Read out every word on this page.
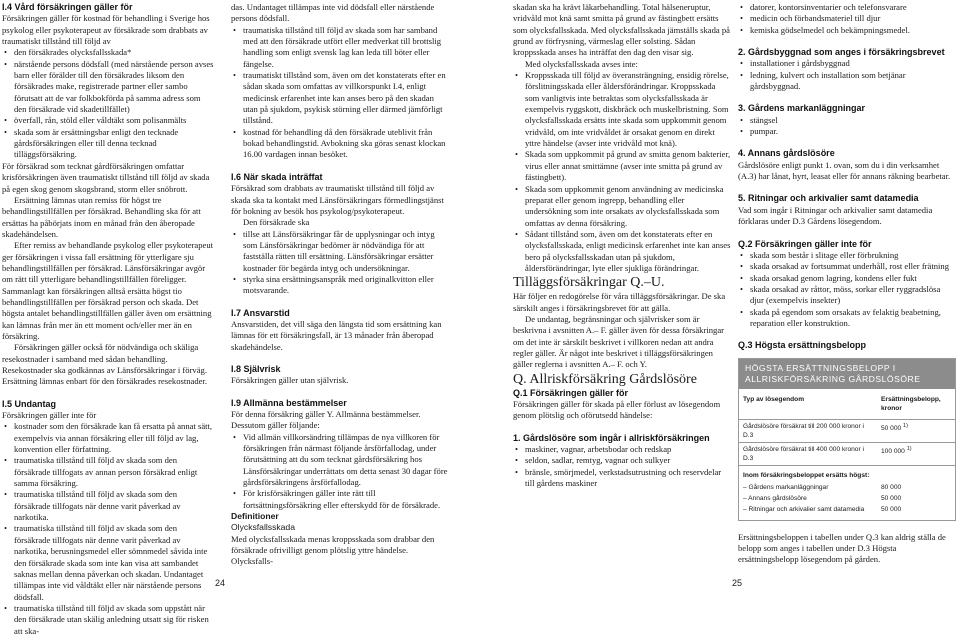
I.4 Vård försäkringen gäller för

Försäkringen gäller för kostnad för behandling i Sverige hos psykolog eller psykoterapeut av försäkrade som drabbats av traumatiskt tillstånd till följd av

• den försäkrades olycksfallsskada*

• närstående persons dödsfall (med närstående person avses barn eller förälder till den försäkrades liksom den försäkrades make, registrerade partner eller sambo förutsatt att de var folkbokförda på samma adress som den försäkrade vid skadetillfället)

• överfall, rån, stöld eller våldtäkt som polisanmälts

• skada som är ersättningsbar enligt den tecknade gårdsförsäkringen eller till denna tecknad tilläggsförsäkring.

För försäkrad som tecknat gårdförsäkringen omfattar krisförsäkringen även traumatiskt tillstånd till följd av skada på egen skog genom skogsbrand, storm eller snöbrott.

Ersättning lämnas utan remiss för högst tre behandlingstillfällen per försäkrad. Behandling ska för att ersättas ha påbörjats inom en månad från den åberopade skadehändelsen.

Efter remiss av behandlande psykolog eller psykoterapeut ger försäkringen i vissa fall ersättning för ytterligare sju behandlingstillfällen per försäkrad. Länsförsäkringar avgör om rätt till ytterligare behandlingstillfällen föreligger. Sammanlagt kan försäkringen alltså ersätta högst tio behandlingstillfällen per försäkrad person och skada. Det högsta antalet behandlingstillfällen gäller även om ersättning kan lämnas från mer än ett moment och/eller mer än en försäkring.

Försäkringen gäller också för nödvändiga och skäliga resekostnader i samband med sådan behandling. Resekostnader ska godkännas av Länsförsäkringar i förväg. Ersättning lämnas enbart för den försäkrades resekostnader.

I.5 Undantag

Försäkringen gäller inte för

• kostnader som den försäkrade kan få ersatta på annat sätt, exempelvis via annan försäkring eller till följd av lag, konvention eller författning.

• traumatiska tillstånd till följd av skada som den försäkrade tillfogats av annan person försäkrad enligt samma försäkring.

• traumatiska tillstånd till följd av skada som den försäkrade tillfogats när denne varit påverkad av narkotika.

• traumatiska tillstånd till följd av skada som den försäkrade tillfogats när denne varit påverkad av narkotika, berusningsmedel eller sömnmedel såvida inte den försäkrade skada som inte kan visa att sambandet saknas mellan denna påverkan och skadan. Undantaget tillämpas inte vid våldtäkt eller när närstående persons dödsfall.

• traumatiska tillstånd till följd av skada som uppstått när den försäkrade utan skälig anledning utsatt sig för risken att ska-

das. Undantaget tillämpas inte vid dödsfall eller närstående persons dödsfall.

• traumatiska tillstånd till följd av skada som har samband med att den försäkrade utfört eller medverkat till brottslig handling som enligt svensk lag kan leda till böter eller fängelse.

• traumatiskt tillstånd som, även om det konstaterats efter en sådan skada som omfattas av villkorspunkt I.4, enligt medicinsk erfarenhet inte kan anses bero på den skadan utan på sjukdom, psykisk störning eller därmed jämförligt tillstånd.

• kostnad för behandling då den försäkrade uteblivit från bokad behandlingstid. Avbokning ska göras senast klockan 16.00 vardagen innan besöket.

I.6 När skada inträffat

Försäkrad som drabbats av traumatiskt tillstånd till följd av skada ska ta kontakt med Länsförsäkringars förmedlingstjänst för bokning av besök hos psykolog/psykoterapeut.

Den försäkrade ska

• tillse att Länsförsäkringar får de upplysningar och intyg som Länsförsäkringar bedömer är nödvändiga för att fastställa rätten till ersättning. Länsförsäkringar ersätter kostnader för begärda intyg och undersökningar.

• styrka sina ersättningsanspråk med originalkvitton eller motsvarande.

I.7 Ansvarstid

Ansvarstiden, det vill säga den längsta tid som ersättning kan lämnas för ett försäkringsfall, är 13 månader från åberopad skadehändelse.

I.8 Självrisk

Försäkringen gäller utan självrisk.

I.9 Allmänna bestämmelser

För denna försäkring gäller Y. Allmänna bestämmelser.

Dessutom gäller följande:

• Vid allmän villkorsändring tillämpas de nya villkoren för försäkringen från närmast följande årsförfallodag, under förutsättning att du som tecknat gårdsförsäkring hos Länsförsäkringar underrättats om detta senast 30 dagar före gårdsförsäkringens årsförfallodag.

• För krisförsäkringen gäller inte rätt till fortsättningsförsäkring eller efterskydd för de försäkrade.

Definitioner

Olycksfallsskada

Med olycksfallsskada menas kroppsskada som drabbar den försäkrade ofrivilligt genom plötslig yttre händelse. Olycksfalls-

skadan ska ha krävt läkarbehandling. Total hälseneruptur, vridvåld mot knä samt smitta på grund av fästingbett ersätts som olycksfallsskada. Med olycksfallsskada jämställs skada på grund av förfrysning, värmeslag eller solsting. Sådan kroppsskada anses ha inträffat den dag den visar sig.

Med olycksfallsskada avses inte:

• Kroppsskada till följd av överansträngning, ensidig rörelse, förslitningsskada eller åldersförändringar. Kroppsskada som vanligtvis inte betraktas som olycksfallsskada är exempelvis ryggskott, diskbråck och muskelbristning. Som olycksfallsskada ersätts inte skada som uppkommit genom vridvåld, om inte vridvåldet är orsakat genom en direkt yttre händelse (avser inte vridvåld mot knä).

• Skada som uppkommit på grund av smitta genom bakterier, virus eller annat smittämne (avser inte smitta på grund av fästingbett).

• Skada som uppkommit genom användning av medicinska preparat eller genom ingrepp, behandling eller undersökning som inte orsakats av olycksfallsskada som omfattas av denna försäkring.

• Sådant tillstånd som, även om det konstaterats efter en olycksfallsskada, enligt medicinsk erfarenhet inte kan anses bero på olycksfallsskadan utan på sjukdom, åldersförändringar, lyte eller sjukliga förändringar.

Tilläggsförsäkringar Q.–U.

Här följer en redogörelse för våra tilläggsförsäkringar. De ska särskilt anges i försäkringsbrevet för att gälla.

De undantag, begränsningar och självrisker som är beskrivna i avsnitten A.– F. gäller även för dessa försäkringar om det inte är särskilt beskrivet i villkoren nedan att andra regler gäller. Är något inte beskrivet i tilläggsförsäkringen gäller reglerna i avsnitten A.– F. och Y.

Q. Allriskförsäkring Gårdslösöre

Q.1 Försäkringen gäller för

Försäkringen gäller för skada på eller förlust av lösegendom genom plötslig och oförutsedd händelse:

1. Gårdslösöre som ingår i allriskförsäkringen

• maskiner, vagnar, arbetsbodar och redskap

• seldon, sadlar, remtyg, vagnar och sulkyer

• bränsle, smörjmedel, verkstadsutrustning och reservdelar till gårdens maskiner

• datorer, kontorsinventarier och telefonsvarare

• medicin och förbandsmateriel till djur

• kemiska gödselmedel och bekämpningsmedel.

2. Gårdsbyggnad som anges i försäkringsbrevet

• installationer i gårdsbyggnad

• ledning, kulvert och installation som betjänar gårdsbyggnad.

3. Gårdens markanläggningar

• stängsel

• pumpar.

4. Annans gårdslösöre

Gårdslösöre enligt punkt 1. ovan, som du i din verksamhet (A.3) har lånat, hyrt, leasat eller för annans räkning bearbetar.

5. Ritningar och arkivalier samt datamedia

Vad som ingår i Ritningar och arkivalier samt datamedia förklaras under D.3 Gårdens lösegendom.

Q.2 Försäkringen gäller inte för

• skada som består i slitage eller förbrukning

• skada orsakad av fortsummat underhåll, rost eller frätning

• skada orsakad genom lagring, kondens eller fukt

• skada orsakad av råttor, möss, sorkar eller ryggradslösa djur (exempelvis insekter)

• skada på egendom som orsakats av felaktig beabetning, reparation eller konstruktion.

Q.3 Högsta ersättningsbelopp

HÖGSTA ERSÄTTNINGSBELOPP I
ALLRISKFÖRSÄKRING GÅRDSLÖSÖRE
Typ av lösegendom	Ersättningsbelopp, kronor
Gårdslösöre försäkrat till 200 000 kronor i D.3	50 000 $^{1)}$
Gårdslösöre försäkrat till 400 000 kronor i D.3	100 000 $^{1)}$
Inom försäkringsbeloppet ersätts högst:	
– Gårdens markanläggningar	80 000
– Annans gårdslösöre	50 000
– Ritningar och arkivalier samt datamedia	50 000

Ersättningsbeloppen i tabellen under Q.3 kan aldrig ställa de belopp som anges i tabellen under D.3 Högsta ersättningsbelopp lösegendom på gården.

24	25
